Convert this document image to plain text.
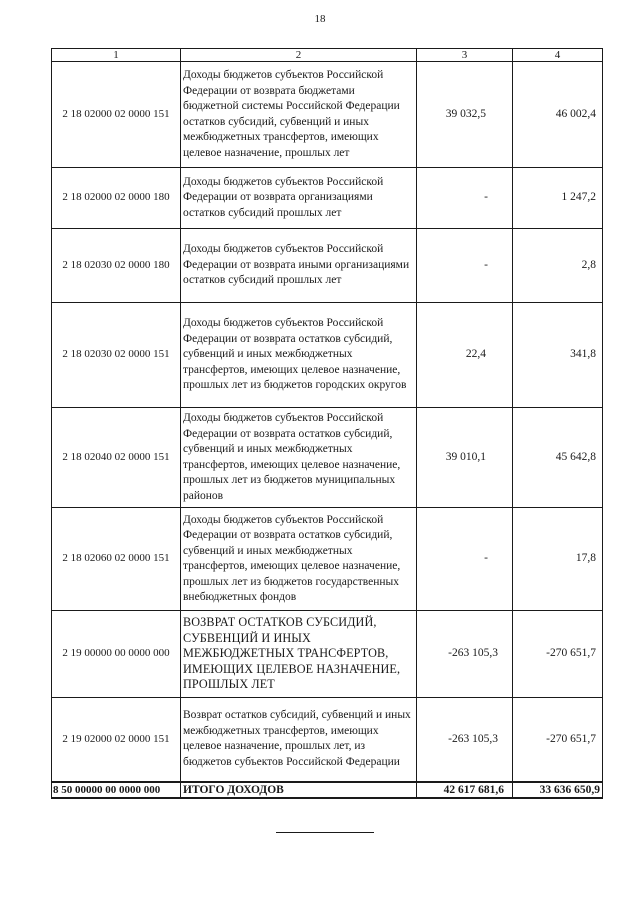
18
1	2	3	4
2 18 02000 02 0000 151	Доходы бюджетов субъектов Российской Федерации от возврата бюджетами бюджетной системы Российской Федерации остатков субсидий, субвенций и иных межбюджетных трансфертов, имеющих целевое назначение, прошлых лет	39 032,5	46 002,4
2 18 02000 02 0000 180	Доходы бюджетов субъектов Российской Федерации от возврата организациями остатков субсидий прошлых лет	-	1 247,2
2 18 02030 02 0000 180	Доходы бюджетов субъектов Российской Федерации от возврата иными организациями остатков субсидий прошлых лет	-	2,8
2 18 02030 02 0000 151	Доходы бюджетов субъектов Российской Федерации от возврата остатков субсидий, субвенций и иных межбюджетных трансфертов, имеющих целевое назначение, прошлых лет из бюджетов городских округов	22,4	341,8
2 18 02040 02 0000 151	Доходы бюджетов субъектов Российской Федерации от возврата остатков субсидий, субвенций и иных межбюджетных трансфертов, имеющих целевое назначение, прошлых лет из бюджетов муниципальных районов	39 010,1	45 642,8
2 18 02060 02 0000 151	Доходы бюджетов субъектов Российской Федерации от возврата остатков субсидий, субвенций и иных межбюджетных трансфертов, имеющих целевое назначение, прошлых лет из бюджетов государственных внебюджетных фондов	-	17,8
2 19 00000 00 0000 000	ВОЗВРАТ ОСТАТКОВ СУБСИДИЙ, СУБВЕНЦИЙ И ИНЫХ МЕЖБЮДЖЕТНЫХ ТРАНСФЕРТОВ, ИМЕЮЩИХ ЦЕЛЕВОЕ НАЗНАЧЕНИЕ, ПРОШЛЫХ ЛЕТ	-263 105,3	-270 651,7
2 19 02000 02 0000 151	Возврат остатков субсидий, субвенций и иных межбюджетных трансфертов, имеющих целевое назначение, прошлых лет, из бюджетов субъектов Российской Федерации	-263 105,3	-270 651,7
8 50 00000 00 0000 000	ИТОГО ДОХОДОВ	42 617 681,6	33 636 650,9
